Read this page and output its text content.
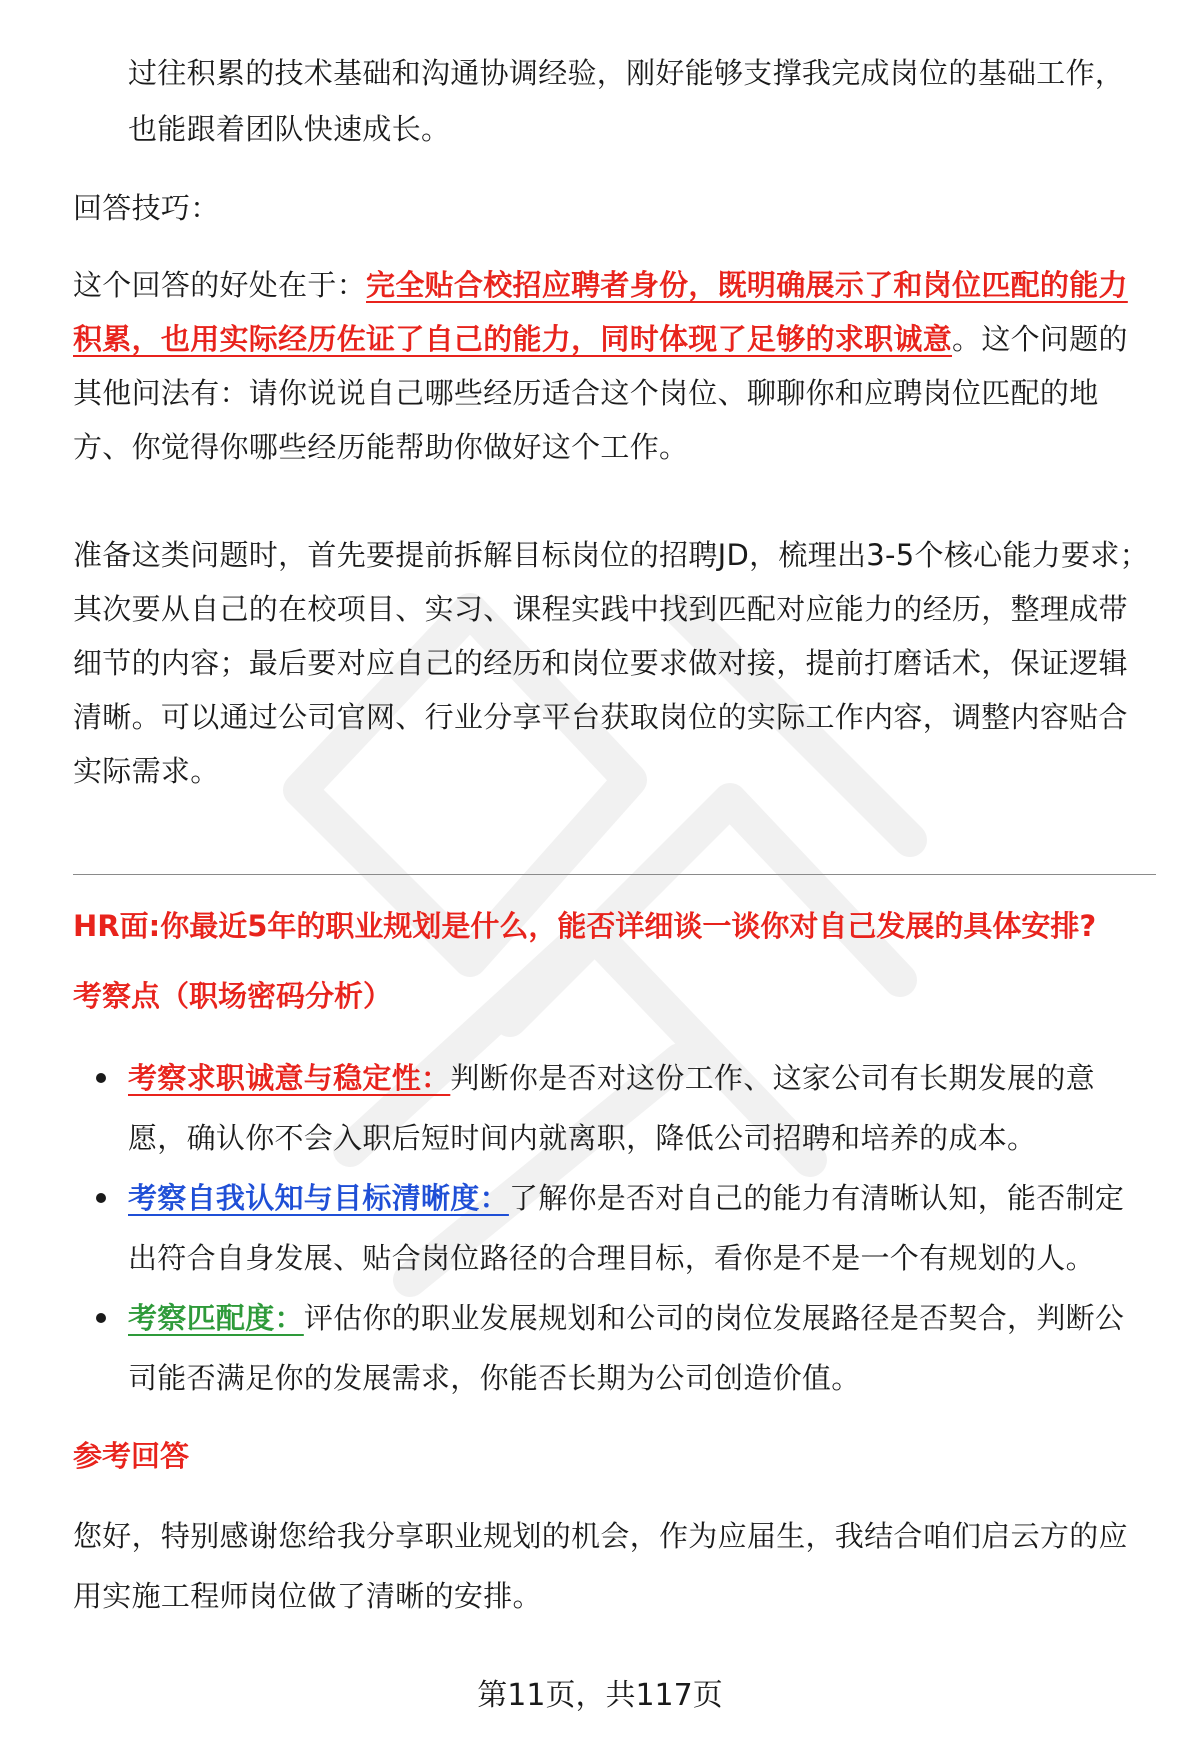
过往积累的技术基础和沟通协调经验，刚好能够支撑我完成岗位的基础工作，
也能跟着团队快速成长。
回答技巧：
这个回答的好处在于：完全贴合校招应聘者身份，既明确展示了和岗位匹配的能力积累，也用实际经历佐证了自己的能力，同时体现了足够的求职诚意。这个问题的其他问法有：请你说说自己哪些经历适合这个岗位、聊聊你和应聘岗位匹配的地方、你觉得你哪些经历能帮助你做好这个工作。
准备这类问题时，首先要提前拆解目标岗位的招聘JD，梳理出3-5个核心能力要求；其次要从自己的在校项目、实习、课程实践中找到匹配对应能力的经历，整理成带细节的内容；最后要对应自己的经历和岗位要求做对接，提前打磨话术，保证逻辑清晰。可以通过公司官网、行业分享平台获取岗位的实际工作内容，调整内容贴合实际需求。
HR面:你最近5年的职业规划是什么，能否详细谈一谈你对自己发展的具体安排?
考察点（职场密码分析）
考察求职诚意与稳定性：判断你是否对这份工作、这家公司有长期发展的意愿，确认你不会入职后短时间内就离职，降低公司招聘和培养的成本。
考察自我认知与目标清晰度：了解你是否对自己的能力有清晰认知，能否制定出符合自身发展、贴合岗位路径的合理目标，看你是不是一个有规划的人。
考察匹配度：评估你的职业发展规划和公司的岗位发展路径是否契合，判断公司能否满足你的发展需求，你能否长期为公司创造价值。
参考回答
您好，特别感谢您给我分享职业规划的机会，作为应届生，我结合咱们启云方的应用实施工程师岗位做了清晰的安排。
第11页，共117页
